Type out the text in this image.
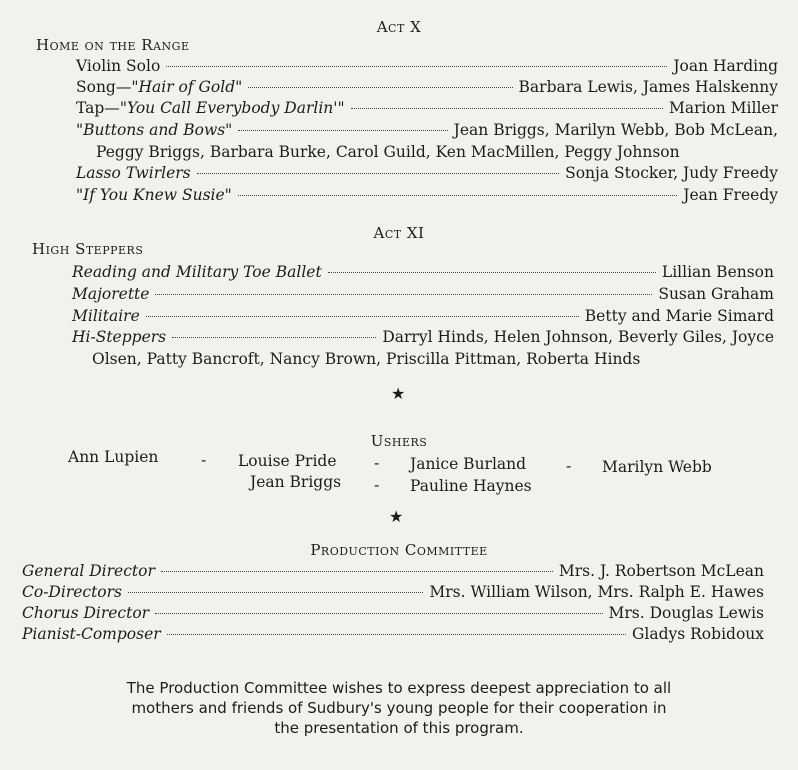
Act X
Home on the Range
Violin Solo	Joan Harding
Song— "Hair of Gold"	Barbara Lewis, James Halskenny
Tap— "You Call Everybody Darlin'"	Marion Miller
"Buttons and Bows"	Jean Briggs, Marilyn Webb, Bob McLean,
Peggy Briggs, Barbara Burke, Carol Guild, Ken MacMillen, Peggy Johnson
Lasso Twirlers	Sonja Stocker, Judy Freedy
"If You Knew Susie"	Jean Freedy
Act XI
High Steppers
Reading and Military Toe Ballet	Lillian Benson
Majorette	Susan Graham
Militaire	Betty and Marie Simard
Hi-Steppers	Darryl Hinds, Helen Johnson, Beverly Giles, Joyce
Olsen, Patty Bancroft, Nancy Brown, Priscilla Pittman, Roberta Hinds
★
Ushers
Ann Lupien	- Louise Pride - Janice Burland	- Marilyn Webb
Jean Briggs - Pauline Haynes
★
Production Committee
General Director	Mrs. J. Robertson McLean
Co-Directors	Mrs. William Wilson, Mrs. Ralph E. Hawes
Chorus Director	Mrs. Douglas Lewis
Pianist-Composer	Gladys Robidoux
The Production Committee wishes to express deepest appreciation to all
mothers and friends of Sudbury's young people for their cooperation in
the presentation of this program.
